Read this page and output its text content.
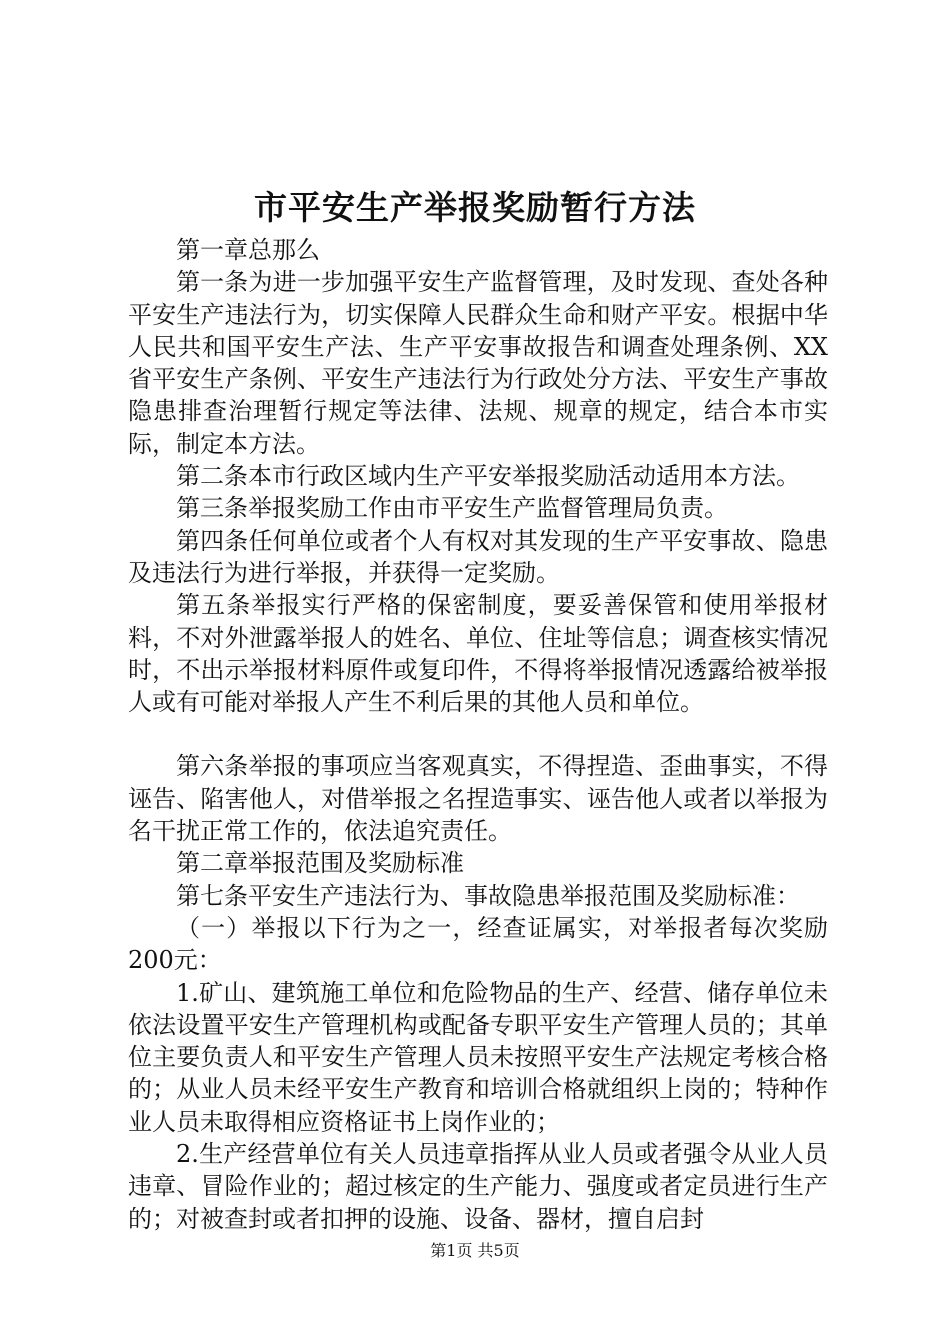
市平安生产举报奖励暂行方法

第一章总那么

第一条为进一步加强平安生产监督管理，及时发现、查处各种平安生产违法行为，切实保障人民群众生命和财产平安。根据中华人民共和国平安生产法、生产平安事故报告和调查处理条例、XX省平安生产条例、平安生产违法行为行政处分方法、平安生产事故隐患排查治理暂行规定等法律、法规、规章的规定，结合本市实际，制定本方法。

第二条本市行政区域内生产平安举报奖励活动适用本方法。

第三条举报奖励工作由市平安生产监督管理局负责。

第四条任何单位或者个人有权对其发现的生产平安事故、隐患及违法行为进行举报，并获得一定奖励。

第五条举报实行严格的保密制度，要妥善保管和使用举报材料，不对外泄露举报人的姓名、单位、住址等信息；调查核实情况时，不出示举报材料原件或复印件，不得将举报情况透露给被举报人或有可能对举报人产生不利后果的其他人员和单位。

第六条举报的事项应当客观真实，不得捏造、歪曲事实，不得诬告、陷害他人，对借举报之名捏造事实、诬告他人或者以举报为名干扰正常工作的，依法追究责任。

第二章举报范围及奖励标准

第七条平安生产违法行为、事故隐患举报范围及奖励标准：

（一）举报以下行为之一，经查证属实，对举报者每次奖励200元：

1.矿山、建筑施工单位和危险物品的生产、经营、储存单位未依法设置平安生产管理机构或配备专职平安生产管理人员的；其单位主要负责人和平安生产管理人员未按照平安生产法规定考核合格的；从业人员未经平安生产教育和培训合格就组织上岗的；特种作业人员未取得相应资格证书上岗作业的；

2.生产经营单位有关人员违章指挥从业人员或者强令从业人员违章、冒险作业的；超过核定的生产能力、强度或者定员进行生产的；对被查封或者扣押的设施、设备、器材，擅自启封

第1页 共5页
